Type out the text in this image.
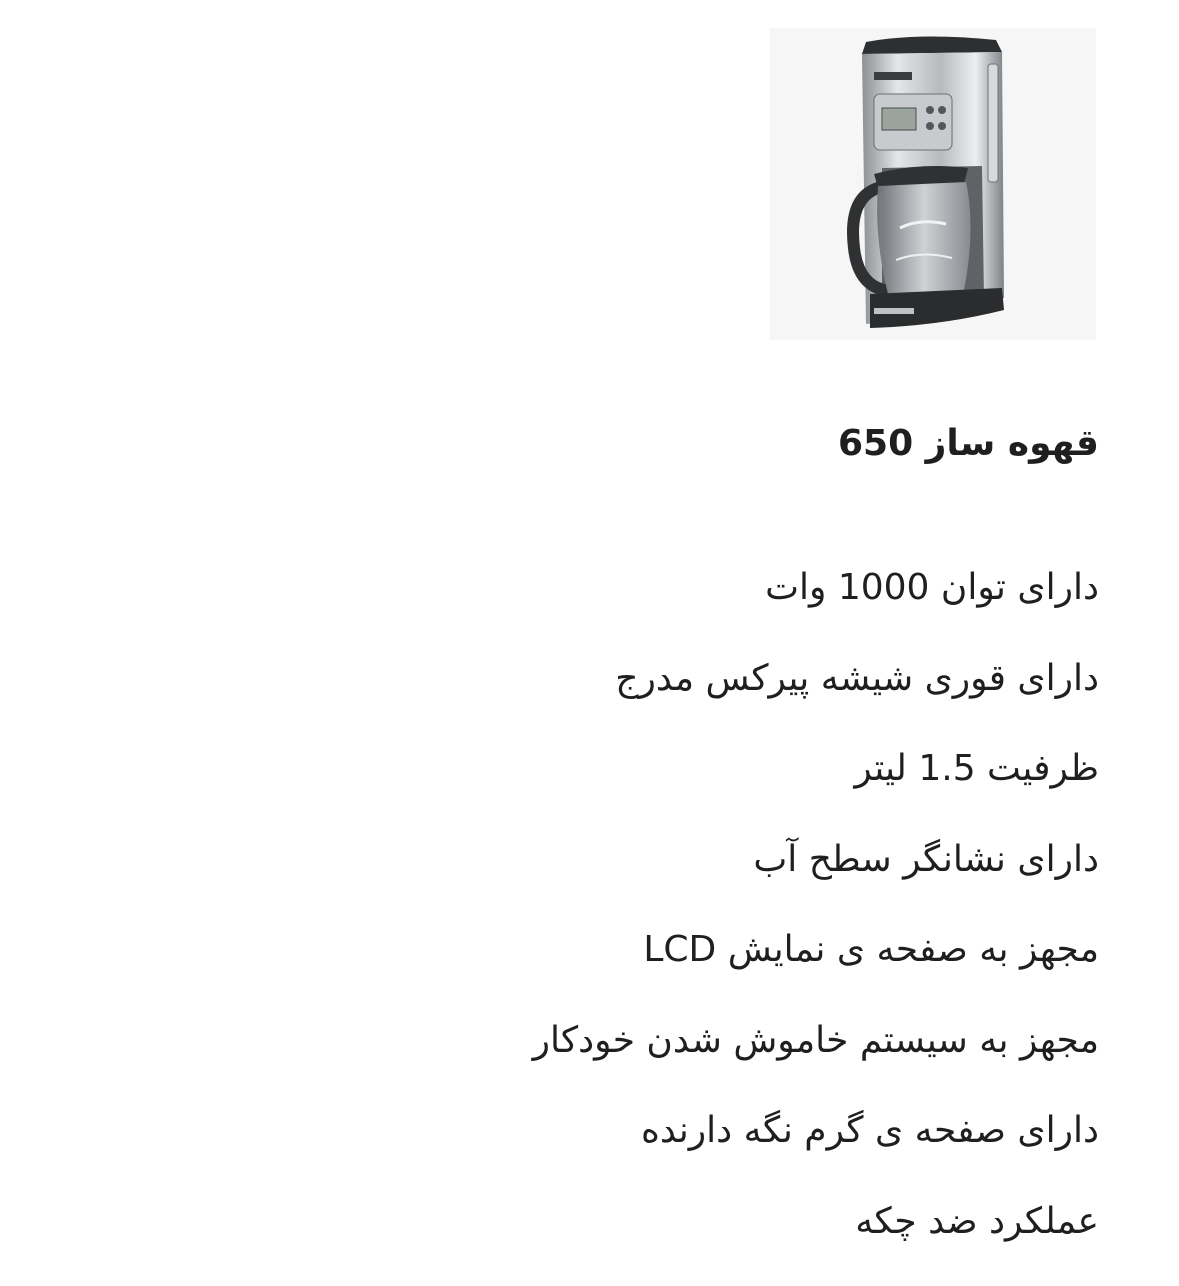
قهوه ساز 650
دارای توان 1000 وات
دارای قوری شیشه پیرکس مدرج
ظرفیت 1.5 لیتر
دارای نشانگر سطح آب
مجهز به صفحه ی نمایش LCD
مجهز به سیستم خاموش شدن خودکار
دارای صفحه ی گرم نگه دارنده
عملکرد ضد چکه
